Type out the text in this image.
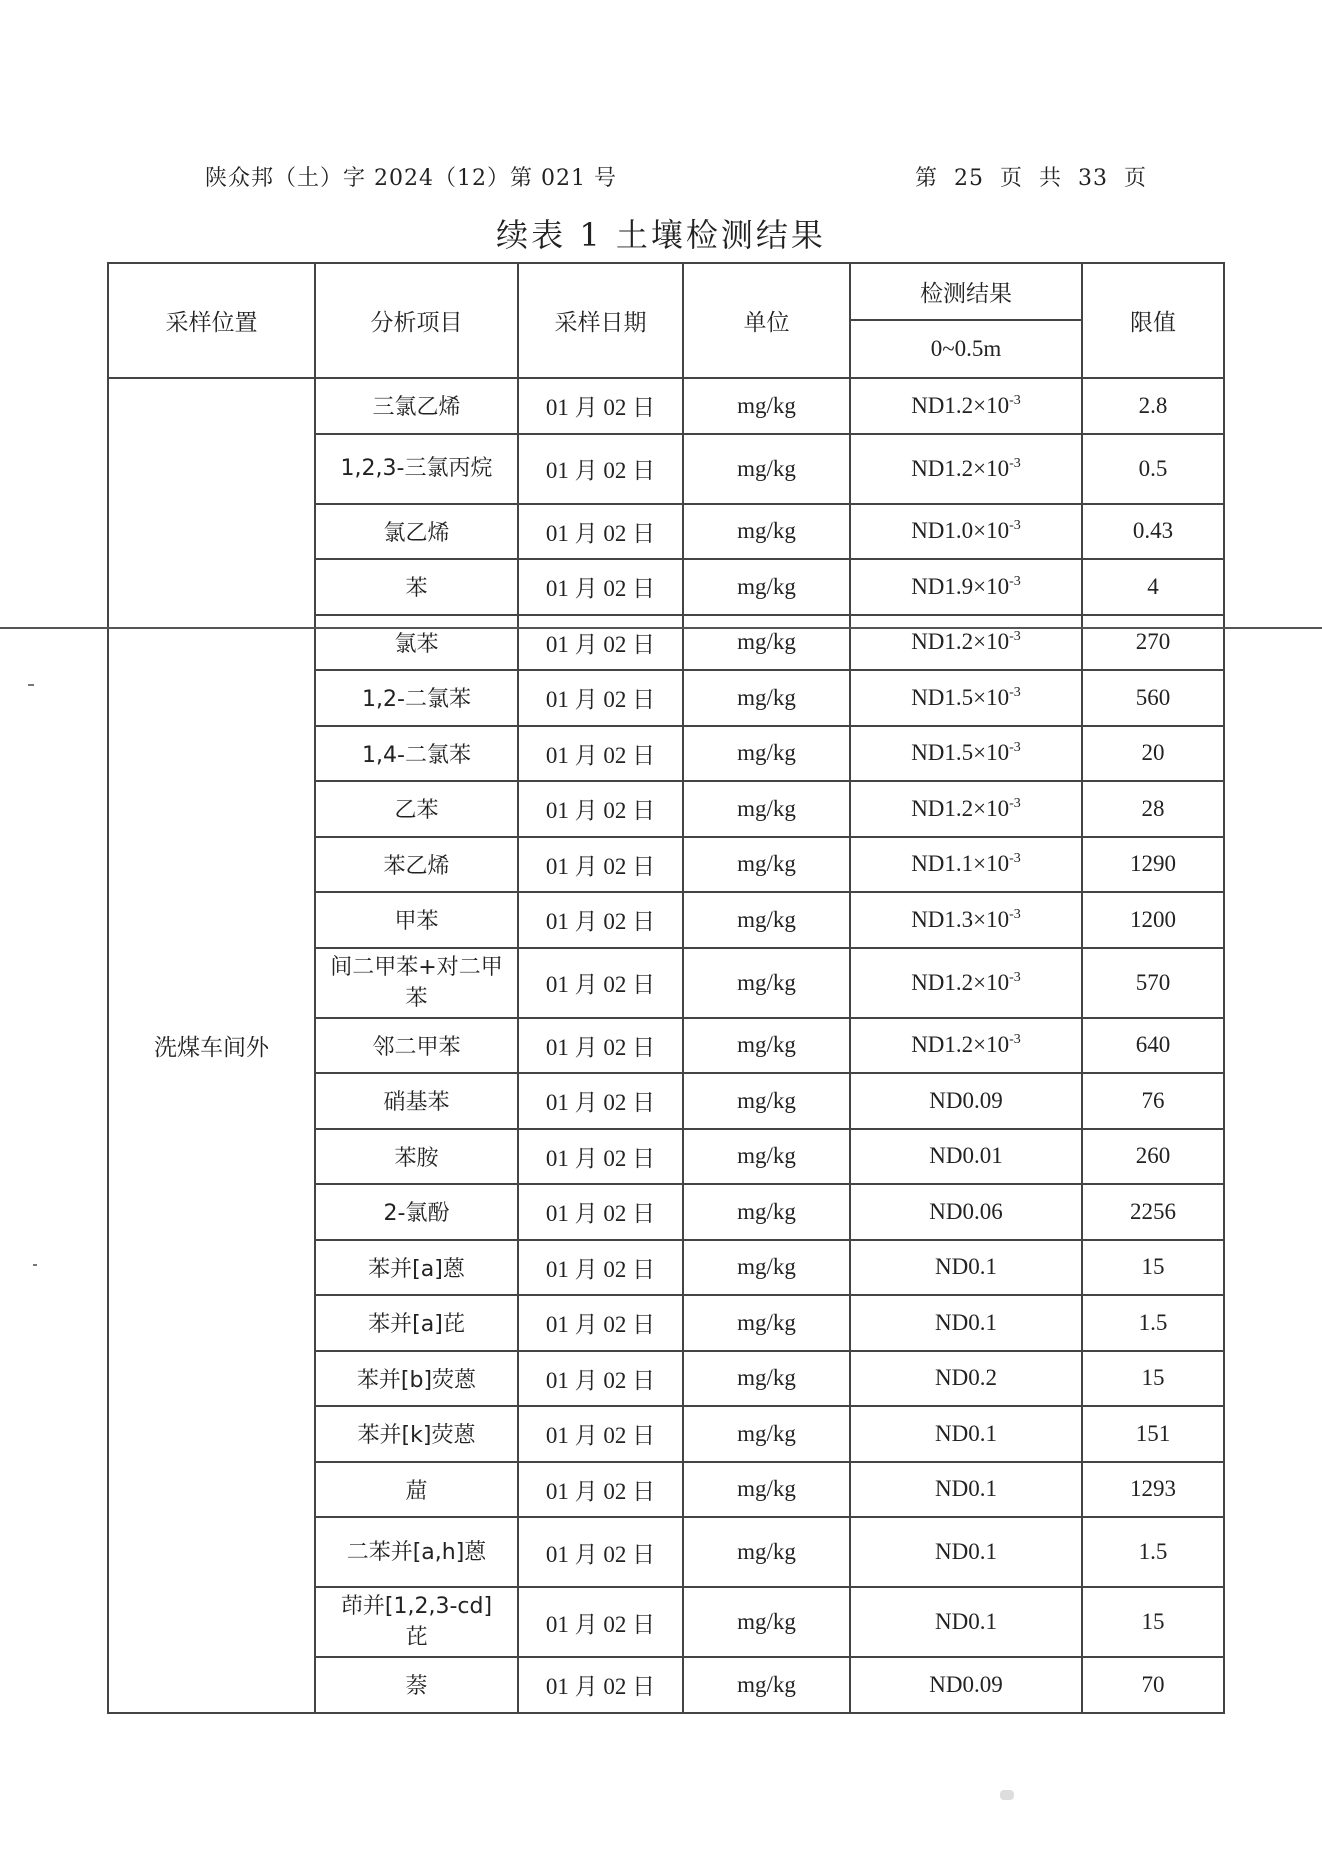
陕众邦（土）字 2024（12）第 021 号	第 25 页 共 33 页
续表 1 土壤检测结果
采样位置	分析项目	采样日期	单位	检测结果	限值
				0~0.5m	
洗煤车间外	三氯乙烯	01 月 02 日	mg/kg	$ND1.2\times 10^{-3}$	2.8
	1,2,3-三氯丙烷	01 月 02 日	mg/kg	$ND1.2\times 10^{-3}$	0.5
	氯乙烯	01 月 02 日	mg/kg	$ND1.0\times 10^{-3}$	0.43
	苯	01 月 02 日	mg/kg	$ND1.9\times 10^{-3}$	4
	氯苯	01 月 02 日	mg/kg	$ND1.2\times 10^{-3}$	270
	1,2-二氯苯	01 月 02 日	mg/kg	$ND1.5\times 10^{-3}$	560
	1,4-二氯苯	01 月 02 日	mg/kg	$ND1.5\times 10^{-3}$	20
	乙苯	01 月 02 日	mg/kg	$ND1.2\times 10^{-3}$	28
	苯乙烯	01 月 02 日	mg/kg	$ND1.1\times 10^{-3}$	1290
	甲苯	01 月 02 日	mg/kg	$ND1.3\times 10^{-3}$	1200
	间二甲苯+对二甲苯	01 月 02 日	mg/kg	$ND1.2\times 10^{-3}$	570
	邻二甲苯	01 月 02 日	mg/kg	$ND1.2\times 10^{-3}$	640
	硝基苯	01 月 02 日	mg/kg	ND0.09	76
	苯胺	01 月 02 日	mg/kg	ND0.01	260
	2-氯酚	01 月 02 日	mg/kg	ND0.06	2256
	苯并[a]蒽	01 月 02 日	mg/kg	ND0.1	15
	苯并[a]芘	01 月 02 日	mg/kg	ND0.1	1.5
	苯并[b]荧蒽	01 月 02 日	mg/kg	ND0.2	15
	苯并[k]荧蒽	01 月 02 日	mg/kg	ND0.1	151
	䓛	01 月 02 日	mg/kg	ND0.1	1293
	二苯并[a,h]蒽	01 月 02 日	mg/kg	ND0.1	1.5
	茚并[1,2,3-cd]芘	01 月 02 日	mg/kg	ND0.1	15
	萘	01 月 02 日	mg/kg	ND0.09	70
